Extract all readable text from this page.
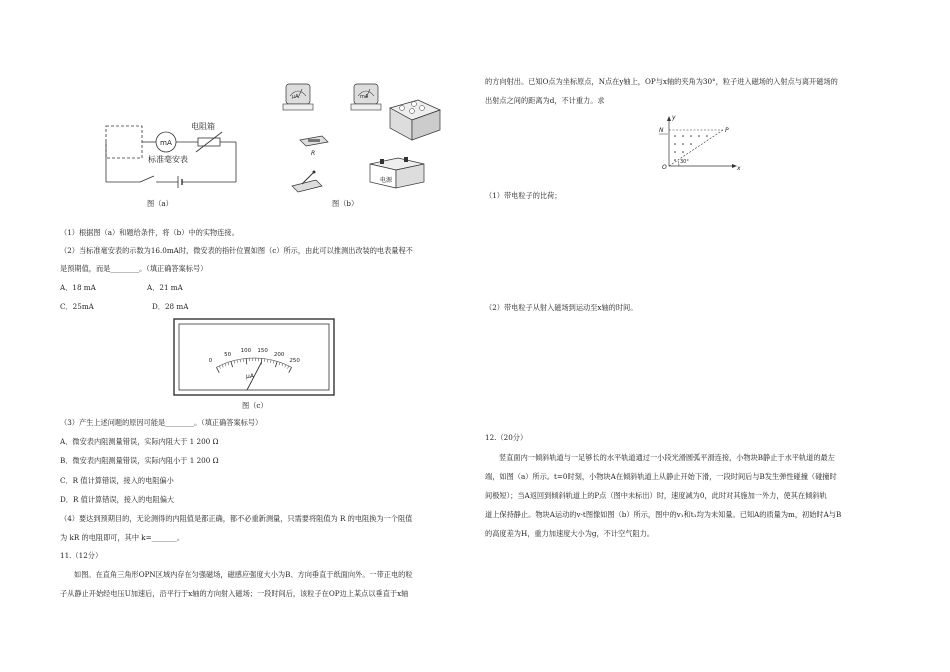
mA
电阻箱
标准毫安表
图（a）
μA	mA
R
电源
图（b）
（1）根据图（a）和题给条件，将（b）中的实物连接。
（2）当标准毫安表的示数为16.0mA时，微安表的指针位置如图（c）所示，由此可以推测出改装的电表量程不
是预期值，而是________。（填正确答案标号）
A．18 mA	A．21 mA
C．25mA	D．28 mA
0
50
100 150
200
250
μA
图（c）
（3）产生上述问题的原因可能是________。（填正确答案标号）
A．微安表内阻测量错误，实际内阻大于 1 200 Ω
B．微安表内阻测量错误，实际内阻小于 1 200 Ω
C．R 值计算错误，接入的电阻偏小
D．R 值计算错误，接入的电阻偏大
（4）要达到预期目的，无论测得的内阻值是都正确，都不必重新测量，只需要将阻值为 R 的电阻换为一个阻值
为 kR 的电阻即可，其中 k=_______。
11.（12分）
如图。在直角三角形OPN区域内存在匀强磁场，磁感应强度大小为B、方向垂直于纸面向外。一带正电的粒
子从静止开始经电压U加速后，沿平行于x轴的方向射入磁场；一段时间后，该粒子在OP边上某点以垂直于x轴
的方向射出。已知O点为坐标原点，N点在y轴上，OP与x轴的夹角为30°，粒子进入磁场的入射点与离开磁场的
出射点之间的距离为d，不计重力。求
y
N	P
O
30°
x
（1）带电粒子的比荷；
（2）带电粒子从射入磁场到运动至x轴的时间。
12.（20分）
竖直面内一倾斜轨道与一足够长的水平轨道通过一小段光滑圆弧平滑连接，小物块B静止于水平轨道的最左
端，如图（a）所示。t=0时刻，小物块A在倾斜轨道上从静止开始下滑，一段时间后与B发生弹性碰撞（碰撞时
间极短）；当A返回到倾斜轨道上的P点（图中未标出）时，速度减为0，此时对其施加一外力，使其在倾斜轨
道上保持静止。物块A运动的v-t图像如图（b）所示，图中的v₁和t₁均为未知量。已知A的质量为m，初始时A与B
的高度差为H，重力加速度大小为g，不计空气阻力。
